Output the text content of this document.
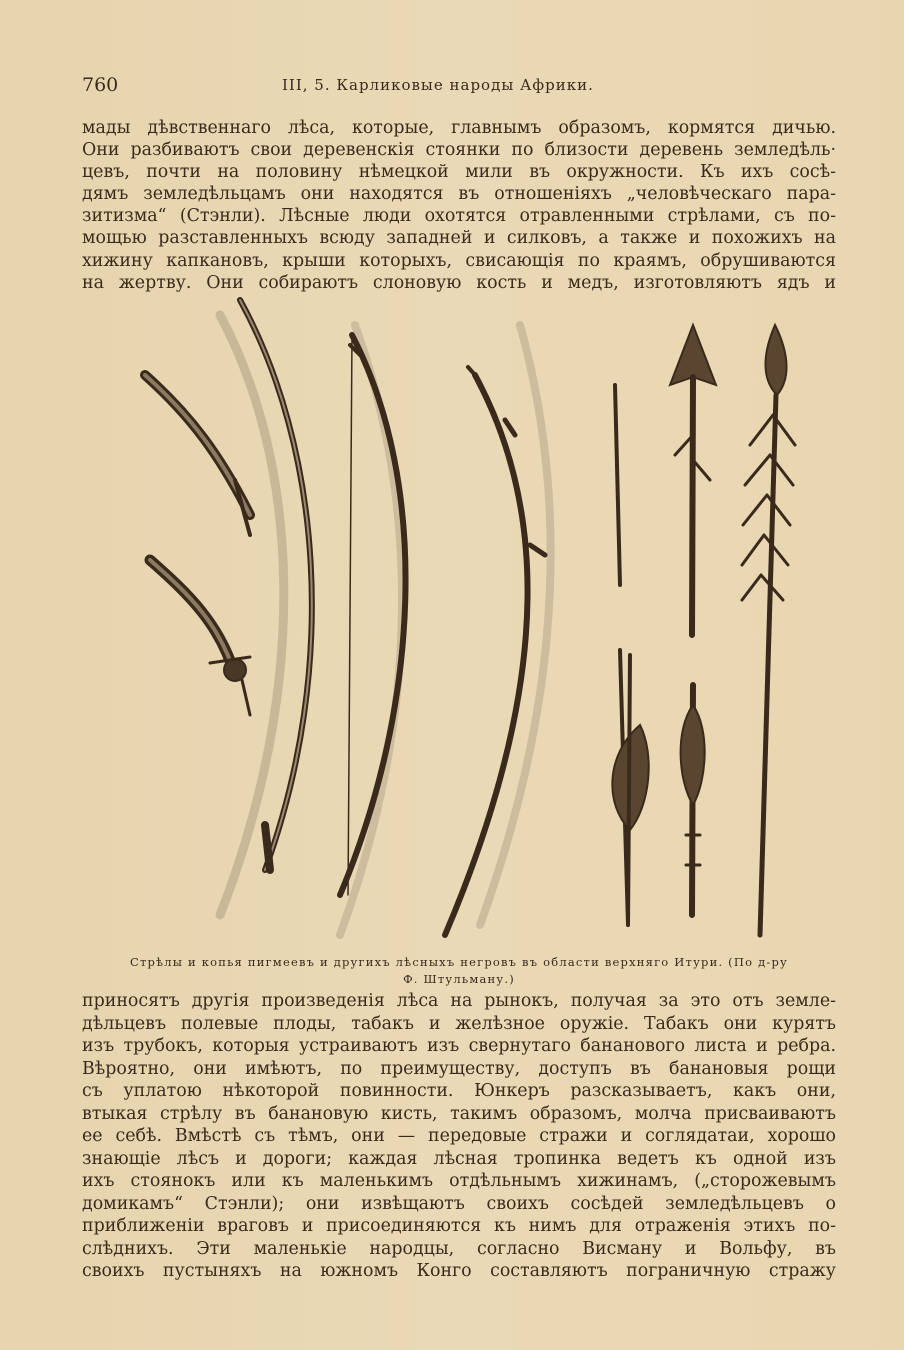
760	III, 5. Карликовые народы Африки.
мады дѣвственнаго лѣса, которые, главнымъ образомъ, кормятся дичью.
Они разбиваютъ свои деревенскія стоянки по близости деревень земледѣль·
цевъ, почти на половину нѣмецкой мили въ окружности. Къ ихъ сосѣ-
дямъ земледѣльцамъ они находятся въ отношеніяхъ „человѣческаго пара-
зитизма“ (Стэнли). Лѣсные люди охотятся отравленными стрѣлами, съ по-
мощью разставленныхъ всюду западней и силковъ, а также и похожихъ на
хижину капкановъ, крыши которыхъ, свисающія по краямъ, обрушиваются
на жертву. Они собираютъ слоновую кость и медъ, изготовляютъ ядъ и
Стрѣлы и копья пигмеевъ и другихъ лѣсныхъ негровъ въ области верхняго Итури. (По д-ру
Ф. Штульману.)
приносятъ другія произведенія лѣса на рынокъ, получая за это отъ земле-
дѣльцевъ полевые плоды, табакъ и желѣзное оружіе. Табакъ они курятъ
изъ трубокъ, которыя устраиваютъ изъ свернутаго бананового листа и ребра.
Вѣроятно, они имѣютъ, по преимуществу, доступъ въ банановыя рощи
съ уплатою нѣкоторой повинности. Юнкеръ разсказываетъ, какъ они,
втыкая стрѣлу въ банановую кисть, такимъ образомъ, молча присваиваютъ
ее себѣ. Вмѣстѣ съ тѣмъ, они — передовые стражи и соглядатаи, хорошо
знающіе лѣсъ и дороги; каждая лѣсная тропинка ведетъ къ одной изъ
ихъ стоянокъ или къ маленькимъ отдѣльнымъ хижинамъ, („сторожевымъ
домикамъ“ Стэнли); они извѣщаютъ своихъ сосѣдей земледѣльцевъ о
приближеніи враговъ и присоединяются къ нимъ для отраженія этихъ по-
слѣднихъ. Эти маленькіе народцы, согласно Висману и Вольфу, въ
своихъ пустыняхъ на южномъ Конго составляютъ пограничную стражу
